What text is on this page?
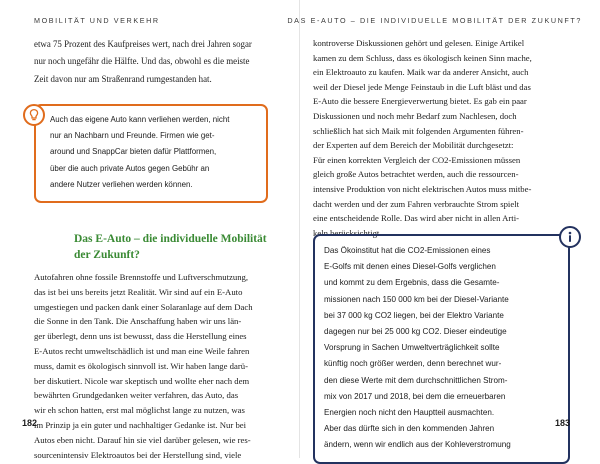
MOBILITÄT UND VERKEHR

etwa 75 Prozent des Kaufpreises wert, nach drei Jahren sogar
nur noch ungefähr die Hälfte. Und das, obwohl es die meiste
Zeit davon nur am Straßenrand rumgestanden hat.

Auch das eigene Auto kann verliehen werden, nicht
nur an Nachbarn und Freunde. Firmen wie get-
around und SnappCar bieten dafür Plattformen,
über die auch private Autos gegen Gebühr an
andere Nutzer verliehen werden können.

Das E-Auto – die individuelle Mobilität
der Zukunft?

Autofahren ohne fossile Brennstoffe und Luftverschmutzung,
das ist bei uns bereits jetzt Realität. Wir sind auf ein E-Auto
umgestiegen und packen dank einer Solaranlage auf dem Dach
die Sonne in den Tank. Die Anschaffung haben wir uns län-
ger überlegt, denn uns ist bewusst, dass die Herstellung eines
E-Autos recht umweltschädlich ist und man eine Weile fahren
muss, damit es ökologisch sinnvoll ist. Wir haben lange darü-
ber diskutiert. Nicole war skeptisch und wollte eher nach dem
bewährten Grundgedanken weiter verfahren, das Auto, das
wir eh schon hatten, erst mal möglichst lange zu nutzen, was
im Prinzip ja ein guter und nachhaltiger Gedanke ist. Nur bei
Autos eben nicht. Darauf hin sie viel darüber gelesen, wie res-
sourcenintensiv Elektroautos bei der Herstellung sind, viele

182
DAS E-AUTO – DIE INDIVIDUELLE MOBILITÄT DER ZUKUNFT?

kontroverse Diskussionen gehört und gelesen. Einige Artikel
kamen zu dem Schluss, dass es ökologisch keinen Sinn mache,
ein Elektroauto zu kaufen. Maik war da anderer Ansicht, auch
weil der Diesel jede Menge Feinstaub in die Luft bläst und das
E-Auto die bessere Energieverwertung bietet. Es gab ein paar
Diskussionen und noch mehr Bedarf zum Nachlesen, doch
schließlich hat sich Maik mit folgenden Argumenten führen-
der Experten auf dem Bereich der Mobilität durchgesetzt:
Für einen korrekten Vergleich der CO2-Emissionen müssen
gleich große Autos betrachtet werden, auch die ressourcen-
intensive Produktion von nicht elektrischen Autos muss mitbe-
dacht werden und der zum Fahren verbrauchte Strom spielt
eine entscheidende Rolle. Das wird aber nicht in allen Arti-
keln berücksichtigt.

Das Ökoinstitut hat die CO2-Emissionen eines
E-Golfs mit denen eines Diesel-Golfs verglichen
und kommt zu dem Ergebnis, dass die Gesamte-
missionen nach 150 000 km bei der Diesel-Variante
bei 37 000 kg CO2 liegen, bei der Elektro Variante
dagegen nur bei 25 000 kg CO2. Dieser eindeutige
Vorsprung in Sachen Umweltverträglichkeit sollte
künftig noch größer werden, denn berechnet wur-
den diese Werte mit dem durchschnittlichen Strom-
mix von 2017 und 2018, bei dem die erneuerbaren
Energien noch nicht den Hauptteil ausmachten.
Aber das dürfte sich in den kommenden Jahren
ändern, wenn wir endlich aus der Kohleverstromung

183
